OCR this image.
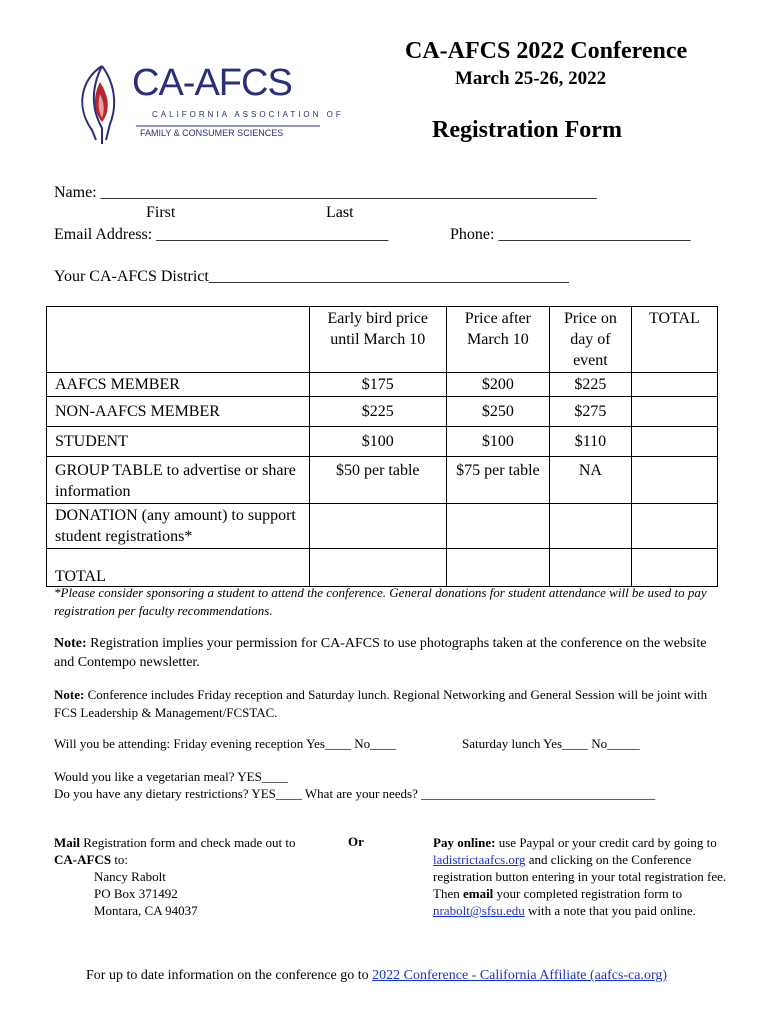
CA-AFCS
CALIFORNIA ASSOCIATION OF
FAMILY & CONSUMER SCIENCES
CA-AFCS 2022 Conference
March 25-26, 2022
Registration Form
Name: ______________________________________________________________
First	Last
Email Address: _____________________________	Phone: ________________________
Your CA-AFCS District_____________________________________________
	Early bird price until March 10	Price after March 10	Price on day of event	TOTAL
AAFCS MEMBER	$175	$200	$225	
NON-AAFCS MEMBER	$225	$250	$275	
STUDENT	$100	$100	$110	
GROUP TABLE to advertise or share information	$50 per table	$75 per table	NA	
DONATION (any amount) to support student registrations*				
TOTAL				
*Please consider sponsoring a student to attend the conference. General donations for student attendance will be used to pay registration per faculty recommendations.
Note: Registration implies your permission for CA-AFCS to use photographs taken at the conference on the website and Contempo newsletter.
Note: Conference includes Friday reception and Saturday lunch. Regional Networking and General Session will be joint with FCS Leadership & Management/FCSTAC.
Will you be attending: Friday evening reception Yes____ No____	Saturday lunch Yes____ No_____
Would you like a vegetarian meal? YES____
Do you have any dietary restrictions? YES____ What are your needs? ____________________________________
Mail Registration form and check made out to
CA-AFCS to:
Nancy Rabolt
PO Box 371492
Montara, CA 94037
Or	Pay online: use Paypal or your credit card by going to ladistrictaafcs.org and clicking on the Conference registration button entering in your total registration fee. Then email your completed registration form to nrabolt@sfsu.edu with a note that you paid online.
For up to date information on the conference go to 2022 Conference - California Affiliate (aafcs-ca.org)
